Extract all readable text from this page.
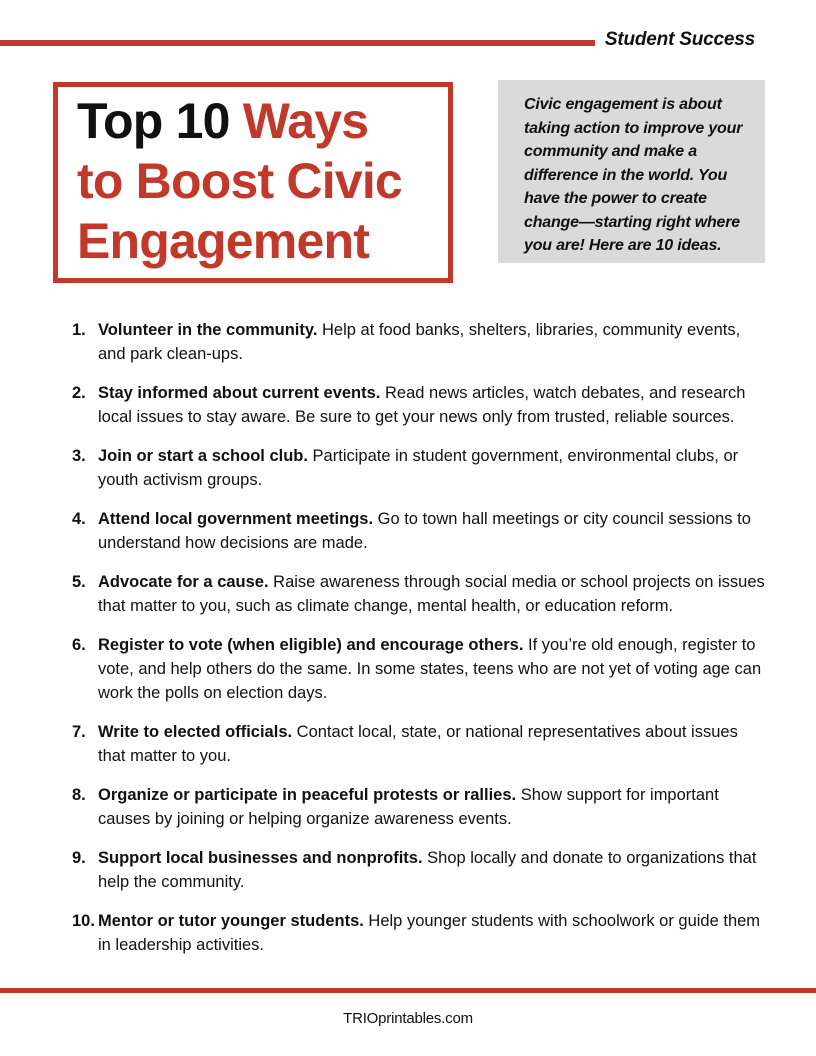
Student Success
Top 10 Ways
to Boost Civic
Engagement
Civic engagement is about taking action to improve your community and make a difference in the world. You have the power to create change—starting right where you are! Here are 10 ideas.
1. Volunteer in the community. Help at food banks, shelters, libraries, community events, and park clean-ups.
2. Stay informed about current events. Read news articles, watch debates, and research local issues to stay aware. Be sure to get your news only from trusted, reliable sources.
3. Join or start a school club. Participate in student government, environmental clubs, or youth activism groups.
4. Attend local government meetings. Go to town hall meetings or city council sessions to understand how decisions are made.
5. Advocate for a cause. Raise awareness through social media or school projects on issues that matter to you, such as climate change, mental health, or education reform.
6. Register to vote (when eligible) and encourage others. If you’re old enough, register to vote, and help others do the same. In some states, teens who are not yet of voting age can work the polls on election days.
7. Write to elected officials. Contact local, state, or national representatives about issues that matter to you.
8. Organize or participate in peaceful protests or rallies. Show support for important causes by joining or helping organize awareness events.
9. Support local businesses and nonprofits. Shop locally and donate to organizations that help the community.
10. Mentor or tutor younger students. Help younger students with schoolwork or guide them in leadership activities.
TRIOprintables.com
